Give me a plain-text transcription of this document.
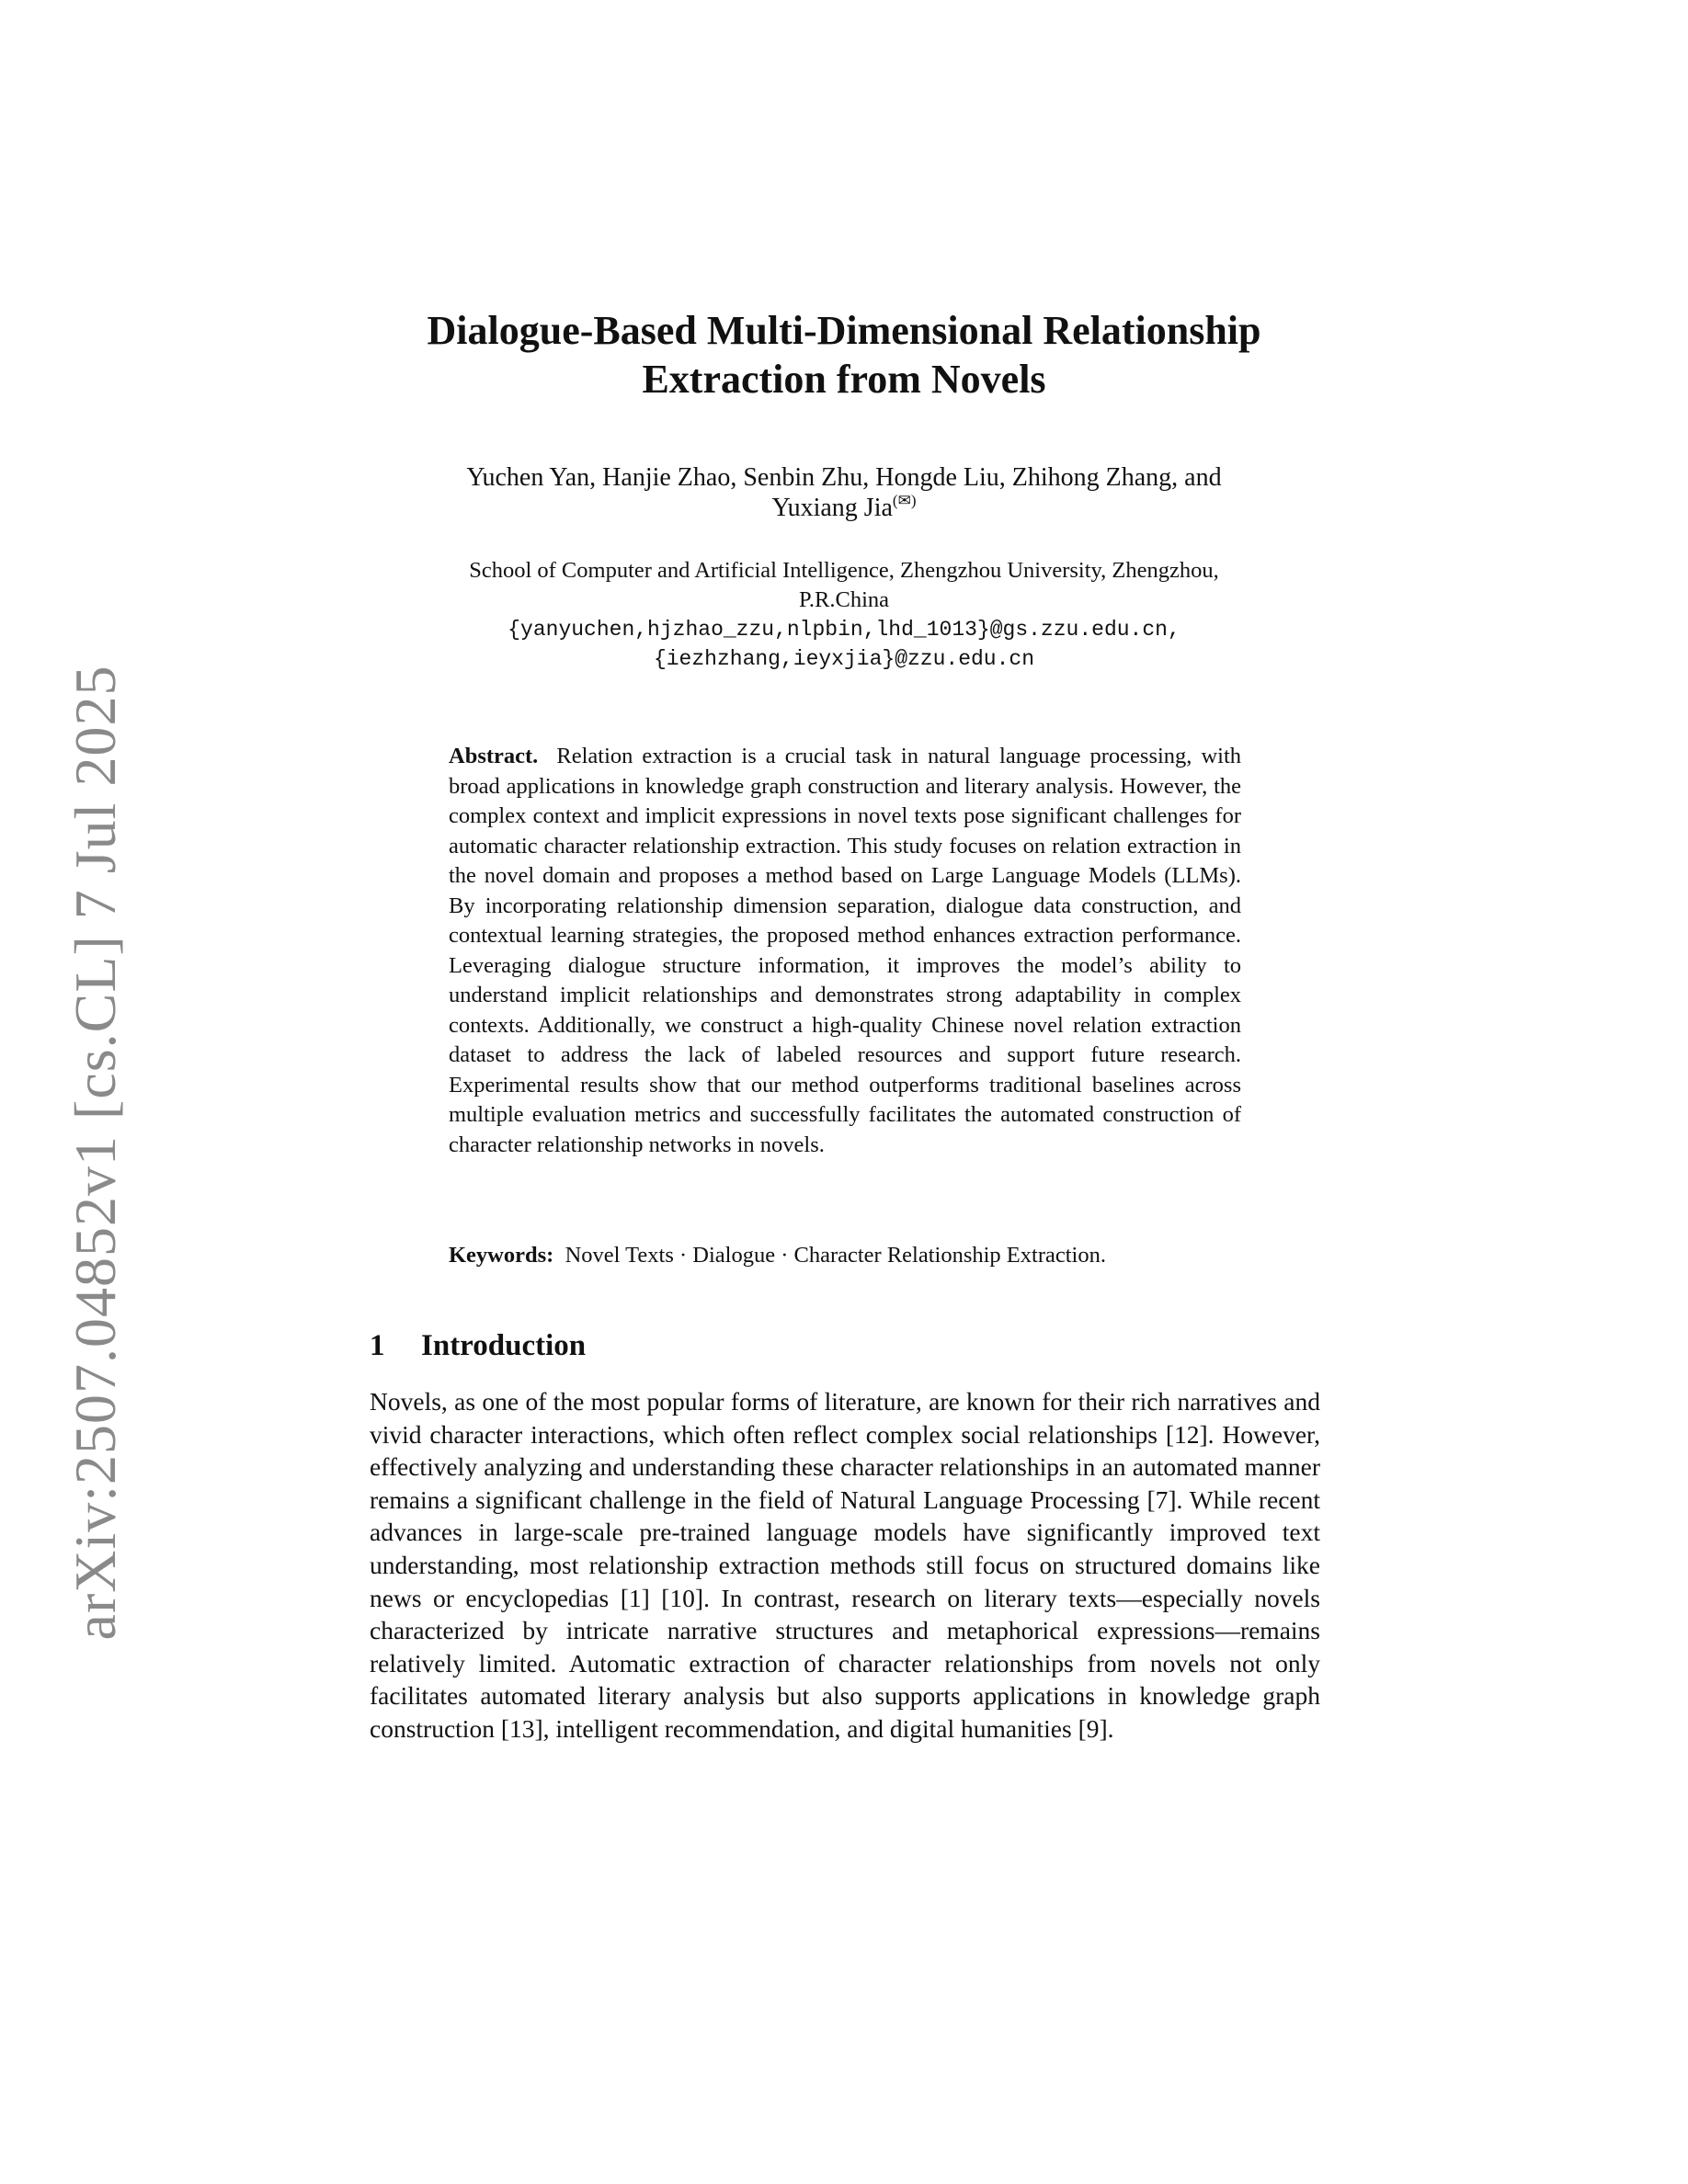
arXiv:2507.04852v1 [cs.CL] 7 Jul 2025
Dialogue-Based Multi-Dimensional Relationship
Extraction from Novels
Yuchen Yan, Hanjie Zhao, Senbin Zhu, Hongde Liu, Zhihong Zhang, and
Yuxiang Jia(✉)
School of Computer and Artificial Intelligence, Zhengzhou University, Zhengzhou,
P.R.China
{yanyuchen,hjzhao_zzu,nlpbin,lhd_1013}@gs.zzu.edu.cn,
{iezhzhang,ieyxjia}@zzu.edu.cn
Abstract. Relation extraction is a crucial task in natural language processing, with broad applications in knowledge graph construction and literary analysis. However, the complex context and implicit expressions in novel texts pose significant challenges for automatic character relationship extraction. This study focuses on relation extraction in the novel domain and proposes a method based on Large Language Models (LLMs). By incorporating relationship dimension separation, dialogue data construction, and contextual learning strategies, the proposed method enhances extraction performance. Leveraging dialogue structure information, it improves the model’s ability to understand implicit relationships and demonstrates strong adaptability in complex contexts. Additionally, we construct a high-quality Chinese novel relation extraction dataset to address the lack of labeled resources and support future research. Experimental results show that our method outperforms traditional baselines across multiple evaluation metrics and successfully facilitates the automated construction of character relationship networks in novels.
Keywords: Novel Texts · Dialogue · Character Relationship Extraction.
1 Introduction
Novels, as one of the most popular forms of literature, are known for their rich narratives and vivid character interactions, which often reflect complex social relationships [12]. However, effectively analyzing and understanding these character relationships in an automated manner remains a significant challenge in the field of Natural Language Processing [7]. While recent advances in large-scale pre-trained language models have significantly improved text understanding, most relationship extraction methods still focus on structured domains like news or encyclopedias [1] [10]. In contrast, research on literary texts—especially novels characterized by intricate narrative structures and metaphorical expressions—remains relatively limited. Automatic extraction of character relationships from novels not only facilitates automated literary analysis but also supports applications in knowledge graph construction [13], intelligent recommendation, and digital humanities [9].
